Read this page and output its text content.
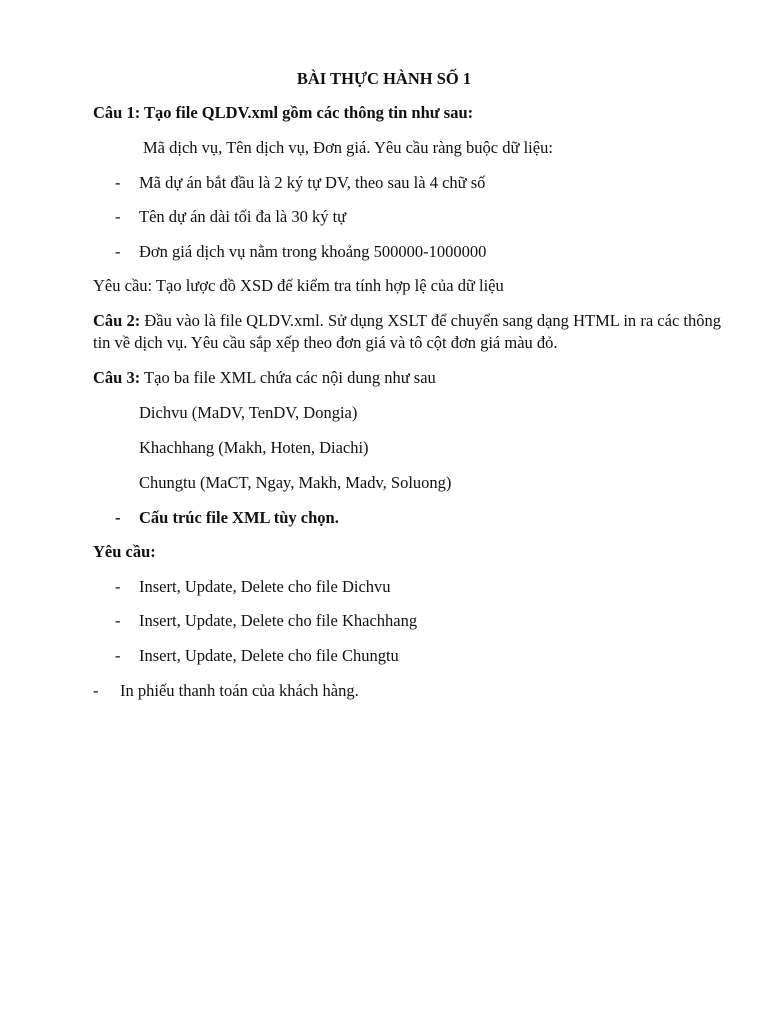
BÀI THỰC HÀNH SỐ 1
Câu 1: Tạo file QLDV.xml gồm các thông tin như sau:
Mã dịch vụ, Tên dịch vụ, Đơn giá. Yêu cầu ràng buộc dữ liệu:
- Mã dự án bắt đầu là 2 ký tự DV, theo sau là 4 chữ số
- Tên dự án dài tối đa là 30 ký tự
- Đơn giá dịch vụ nằm trong khoảng 500000-1000000
Yêu cầu: Tạo lược đồ XSD để kiểm tra tính hợp lệ của dữ liệu
Câu 2: Đầu vào là file QLDV.xml. Sử dụng XSLT để chuyển sang dạng HTML in ra các thông tin về dịch vụ. Yêu cầu sắp xếp theo đơn giá và tô cột đơn giá màu đỏ.
Câu 3: Tạo ba file XML chứa các nội dung như sau
Dichvu (MaDV, TenDV, Dongia)
Khachhang (Makh, Hoten, Diachi)
Chungtu (MaCT, Ngay, Makh, Madv, Soluong)
- Cấu trúc file XML tùy chọn.
Yêu cầu:
- Insert, Update, Delete cho file Dichvu
- Insert, Update, Delete cho file Khachhang
- Insert, Update, Delete cho file Chungtu
- In phiếu thanh toán của khách hàng.
